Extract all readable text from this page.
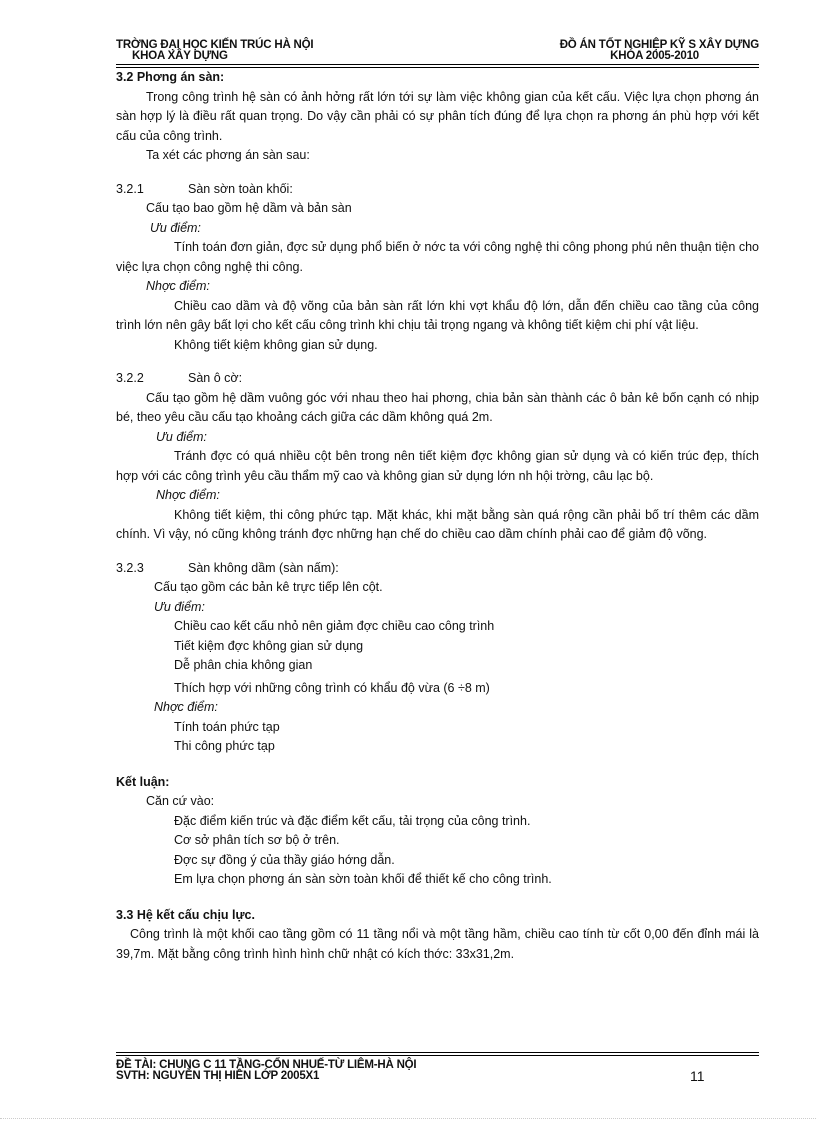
TRỜNG ĐẠI HỌC KIẾN TRÚC HÀ NỘI
KHOA XÂY DỰNG
ĐỒ ÁN TỐT NGHIỆP KỸ S XÂY DỰNG
KHÓA 2005-2010

3.2 Phơng án sàn:

Trong công trình hệ sàn có ảnh hởng rất lớn tới sự làm việc không gian của kết cấu. Việc lựa chọn phơng án sàn hợp lý là điều rất quan trọng. Do vậy cần phải có sự phân tích đúng để lựa chọn ra phơng án phù hợp với kết cấu của công trình.

Ta xét các phơng án sàn sau:

3.2.1	Sàn sờn toàn khối:

Cấu tạo bao gồm hệ dầm và bản sàn

Ưu điểm:

Tính toán đơn giản, đợc sử dụng phổ biến ở nớc ta với công nghệ thi công phong phú nên thuận tiện cho việc lựa chọn công nghệ thi công.

Nhợc điểm:

Chiều cao dầm và độ võng của bản sàn rất lớn khi vợt khẩu độ lớn, dẫn đến chiều cao tầng của công trình lớn nên gây bất lợi cho kết cấu công trình khi chịu tải trọng ngang và không tiết kiệm chi phí vật liệu.

Không tiết kiệm không gian sử dụng.

3.2.2	Sàn ô cờ:

Cấu tạo gồm hệ dầm vuông góc với nhau theo hai phơng, chia bản sàn thành các ô bản kê bốn cạnh có nhịp bé, theo yêu cầu cấu tạo khoảng cách giữa các dầm không quá 2m.

Ưu điểm:

Tránh đợc có quá nhiều cột bên trong nên tiết kiệm đợc không gian sử dụng và có kiến trúc đẹp, thích hợp với các công trình yêu cầu thẩm mỹ cao và không gian sử dụng lớn nh hội trờng, câu lạc bộ.

Nhợc điểm:

Không tiết kiệm, thi công phức tạp. Mặt khác, khi mặt bằng sàn quá rộng cần phải bố trí thêm các dầm chính. Vì vậy, nó cũng không tránh đợc những hạn chế do chiều cao dầm chính phải cao để giảm độ võng.

3.2.3	Sàn không dầm (sàn nấm):

Cấu tạo gồm các bản kê trực tiếp lên cột.

Ưu điểm:

Chiều cao kết cấu nhỏ nên giảm đợc chiều cao công trình

Tiết kiệm đợc không gian sử dụng

Dễ phân chia không gian

Thích hợp với những công trình có khẩu độ vừa (6 ÷8 m)

Nhợc điểm:

Tính toán phức tạp

Thi công phức tạp

Kết luận:

Căn cứ vào:

Đặc điểm kiến trúc và đặc điểm kết cấu, tải trọng của công trình.

Cơ sở phân tích sơ bộ ở trên.

Đợc sự đồng ý của thầy giáo hớng dẫn.

Em lựa chọn phơng án sàn sờn toàn khối để thiết kế cho công trình.

3.3 Hệ kết cấu chịu lực.

Công trình là một khối cao tầng gồm có 11 tầng nổi và một tầng hầm, chiều cao tính từ cốt 0,00 đến đỉnh mái là 39,7m. Mặt bằng công trình hình hình chữ nhật có kích thớc: 33x31,2m.

ĐỀ TÀI: CHUNG C 11 TẦNG-CỔN NHUẾ-TỪ LIÊM-HÀ NỘI
SVTH: NGUYỄN THỊ HIỀN LỚP 2005X1	11
